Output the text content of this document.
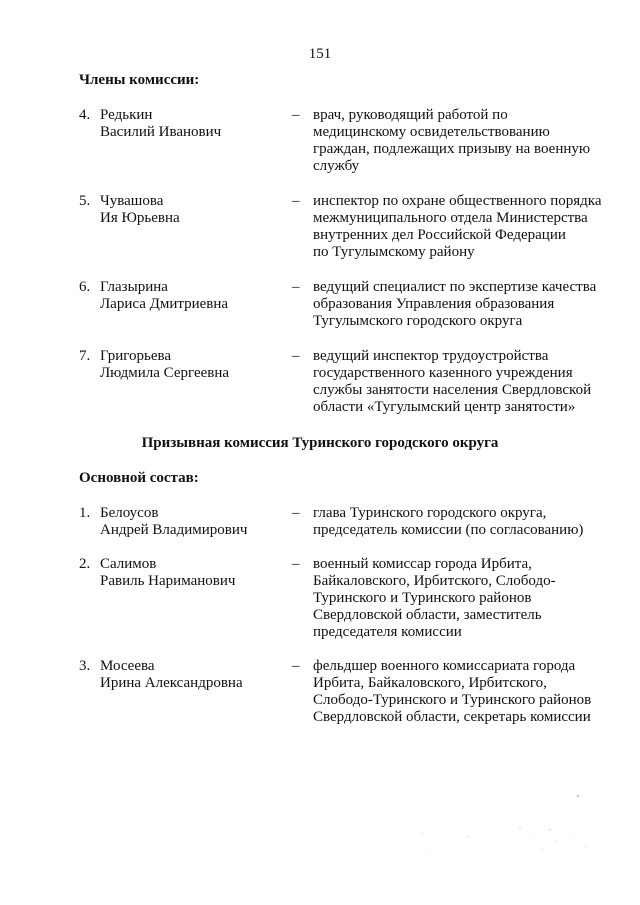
151
Члены комиссии:
4. Редькин
Василий Иванович
– врач, руководящий работой по
медицинскому освидетельствованию
граждан, подлежащих призыву на военную
службу
5. Чувашова
Ия Юрьевна
– инспектор по охране общественного порядка
межмуниципального отдела Министерства
внутренних дел Российской Федерации
по Тугулымскому району
6. Глазырина
Лариса Дмитриевна
– ведущий специалист по экспертизе качества
образования Управления образования
Тугулымского городского округа
7. Григорьева
Людмила Сергеевна
– ведущий инспектор трудоустройства
государственного казенного учреждения
службы занятости населения Свердловской
области «Тугулымский центр занятости»
Призывная комиссия Туринского городского округа
Основной состав:
1. Белоусов
Андрей Владимирович
– глава Туринского городского округа,
председатель комиссии (по согласованию)
2. Салимов
Равиль Нариманович
– военный комиссар города Ирбита,
Байкаловского, Ирбитского, Слободо-
Туринского и Туринского районов
Свердловской области, заместитель
председателя комиссии
3. Мосеева
Ирина Александровна
– фельдшер военного комиссариата города
Ирбита, Байкаловского, Ирбитского,
Слободо-Туринского и Туринского районов
Свердловской области, секретарь комиссии
